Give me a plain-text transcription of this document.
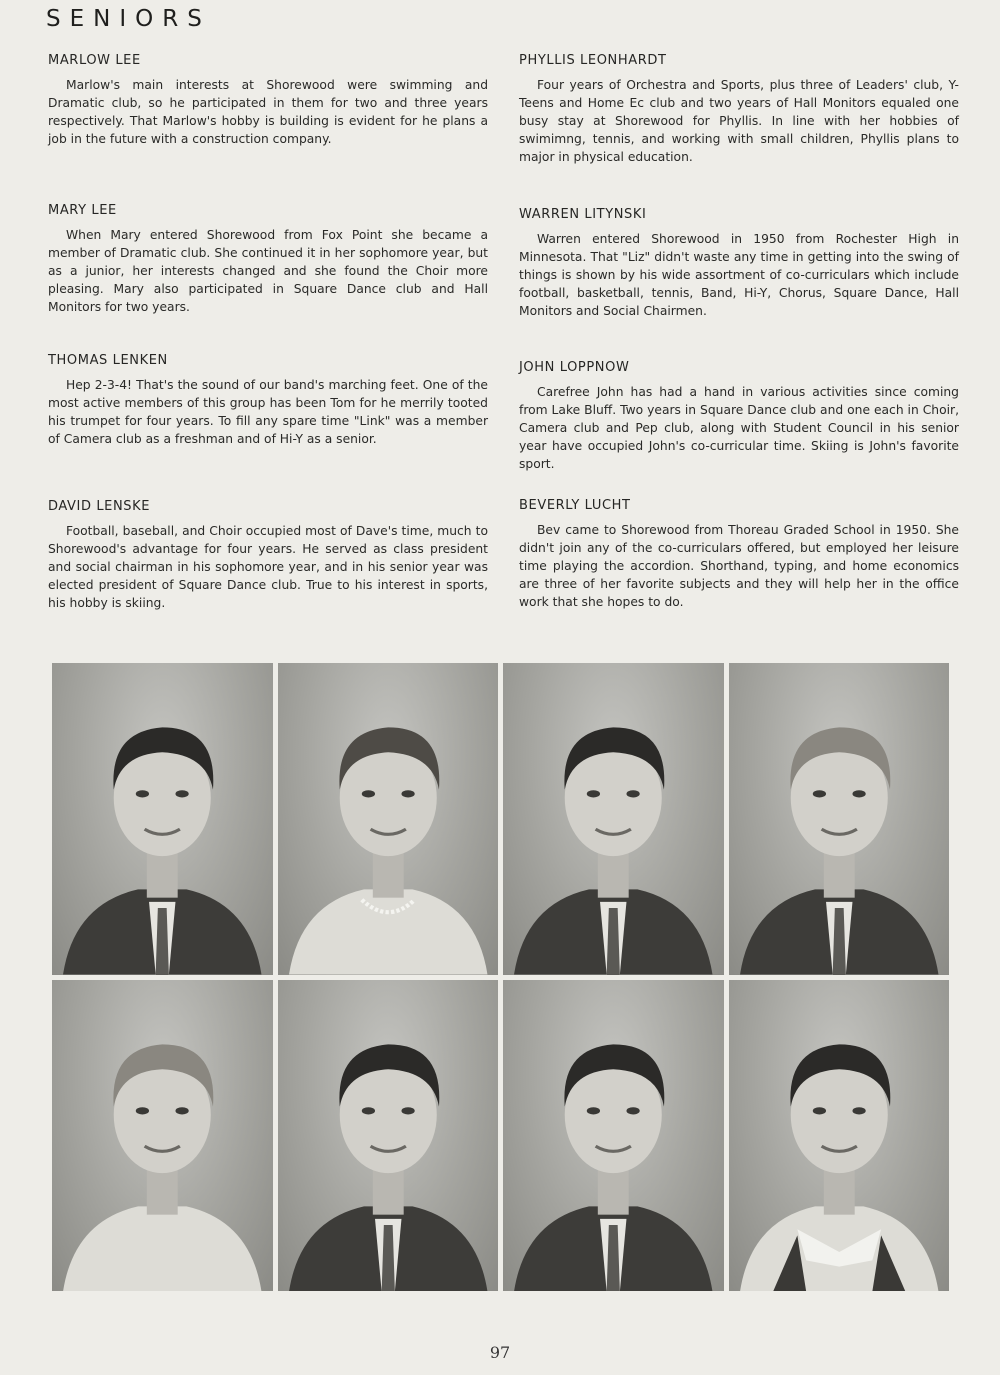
SENIORS
MARLOW LEE

Marlow's main interests at Shorewood were swimming and Dramatic club, so he participated in them for two and three years respectively. That Marlow's hobby is building is evident for he plans a job in the future with a construction company.

MARY LEE

When Mary entered Shorewood from Fox Point she became a member of Dramatic club. She continued it in her sophomore year, but as a junior, her interests changed and she found the Choir more pleasing. Mary also participated in Square Dance club and Hall Monitors for two years.

THOMAS LENKEN

Hep 2-3-4! That's the sound of our band's marching feet. One of the most active members of this group has been Tom for he merrily tooted his trumpet for four years. To fill any spare time "Link" was a member of Camera club as a freshman and of Hi-Y as a senior.

DAVID LENSKE

Football, baseball, and Choir occupied most of Dave's time, much to Shorewood's advantage for four years. He served as class president and social chairman in his sophomore year, and in his senior year was elected president of Square Dance club. True to his interest in sports, his hobby is skiing.

PHYLLIS LEONHARDT

Four years of Orchestra and Sports, plus three of Leaders' club, Y-Teens and Home Ec club and two years of Hall Monitors equaled one busy stay at Shorewood for Phyllis. In line with her hobbies of swimimng, tennis, and working with small children, Phyllis plans to major in physical education.

WARREN LITYNSKI

Warren entered Shorewood in 1950 from Rochester High in Minnesota. That "Liz" didn't waste any time in getting into the swing of things is shown by his wide assortment of co-curriculars which include football, basketball, tennis, Band, Hi-Y, Chorus, Square Dance, Hall Monitors and Social Chairmen.

JOHN LOPPNOW

Carefree John has had a hand in various activities since coming from Lake Bluff. Two years in Square Dance club and one each in Choir, Camera club and Pep club, along with Student Council in his senior year have occupied John's co-curricular time. Skiing is John's favorite sport.

BEVERLY LUCHT

Bev came to Shorewood from Thoreau Graded School in 1950. She didn't join any of the co-curriculars offered, but employed her leisure time playing the accordion. Shorthand, typing, and home economics are three of her favorite subjects and they will help her in the office work that she hopes to do.

97
